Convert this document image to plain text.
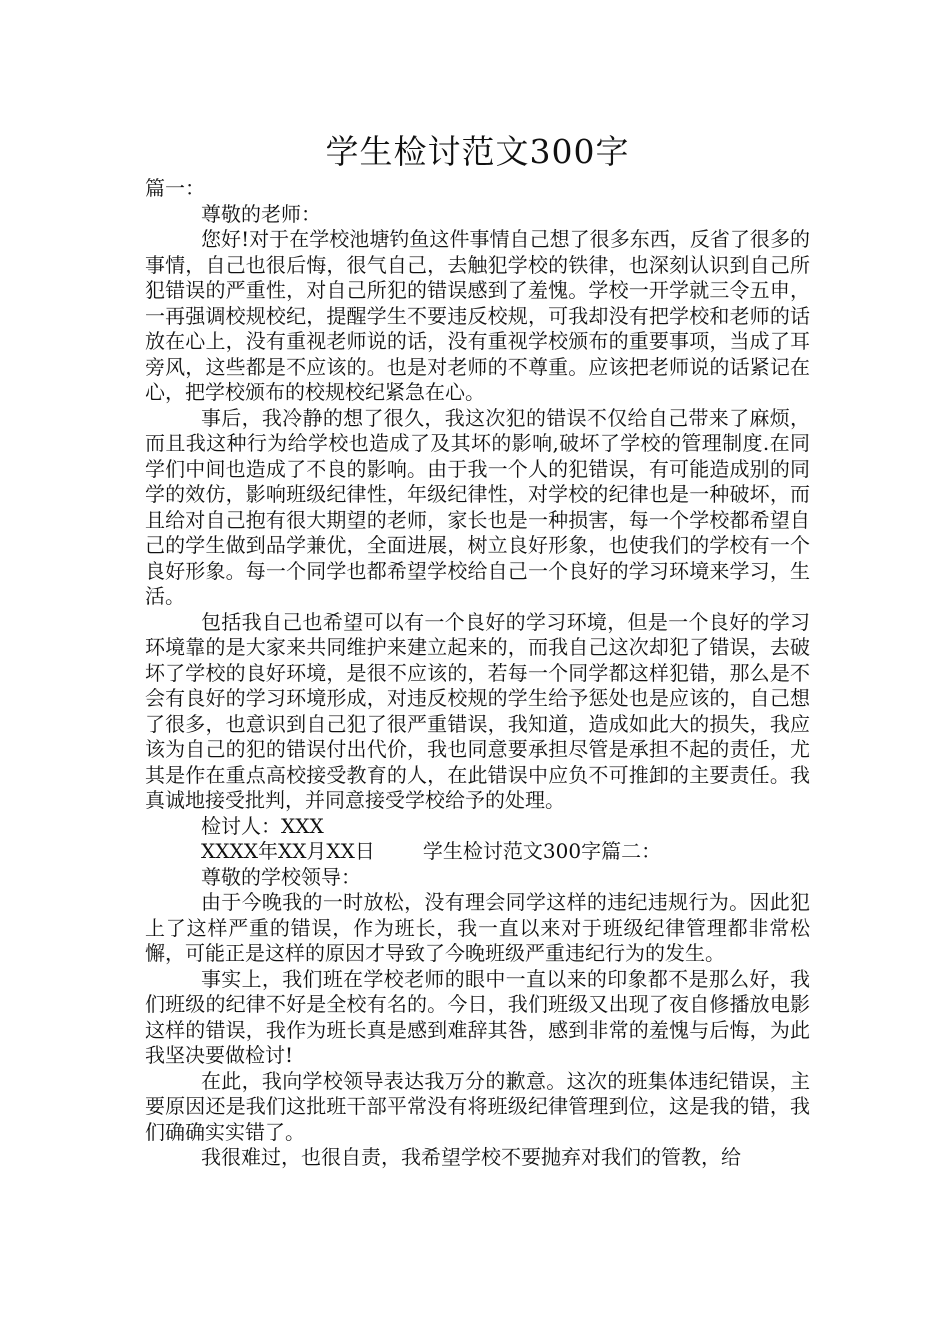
学生检讨范文300字

篇一：

尊敬的老师：

您好!对于在学校池塘钓鱼这件事情自己想了很多东西，反省了很多的事情，自己也很后悔，很气自己，去触犯学校的铁律，也深刻认识到自己所犯错误的严重性，对自己所犯的错误感到了羞愧。学校一开学就三令五申，一再强调校规校纪，提醒学生不要违反校规，可我却没有把学校和老师的话放在心上，没有重视老师说的话，没有重视学校颁布的重要事项，当成了耳旁风，这些都是不应该的。也是对老师的不尊重。应该把老师说的话紧记在心，把学校颁布的校规校纪紧急在心。

事后，我冷静的想了很久，我这次犯的错误不仅给自己带来了麻烦，而且我这种行为给学校也造成了及其坏的影响,破坏了学校的管理制度.在同学们中间也造成了不良的影响。由于我一个人的犯错误，有可能造成别的同学的效仿，影响班级纪律性，年级纪律性，对学校的纪律也是一种破坏，而且给对自己抱有很大期望的老师，家长也是一种损害，每一个学校都希望自己的学生做到品学兼优，全面进展，树立良好形象，也使我们的学校有一个良好形象。每一个同学也都希望学校给自己一个良好的学习环境来学习，生活。

包括我自己也希望可以有一个良好的学习环境，但是一个良好的学习环境靠的是大家来共同维护来建立起来的，而我自己这次却犯了错误，去破坏了学校的良好环境，是很不应该的，若每一个同学都这样犯错，那么是不会有良好的学习环境形成，对违反校规的学生给予惩处也是应该的，自己想了很多，也意识到自己犯了很严重错误，我知道，造成如此大的损失，我应该为自己的犯的错误付出代价，我也同意要承担尽管是承担不起的责任，尤其是作在重点高校接受教育的人，在此错误中应负不可推卸的主要责任。我真诚地接受批判，并同意接受学校给予的处理。

检讨人：XXX

XXXX年XX月XX日 学生检讨范文300字篇二：

尊敬的学校领导：

由于今晚我的一时放松，没有理会同学这样的违纪违规行为。因此犯上了这样严重的错误，作为班长，我一直以来对于班级纪律管理都非常松懈，可能正是这样的原因才导致了今晚班级严重违纪行为的发生。

事实上，我们班在学校老师的眼中一直以来的印象都不是那么好，我们班级的纪律不好是全校有名的。今日，我们班级又出现了夜自修播放电影这样的错误，我作为班长真是感到难辞其咎，感到非常的羞愧与后悔，为此我坚决要做检讨!

在此，我向学校领导表达我万分的歉意。这次的班集体违纪错误，主要原因还是我们这批班干部平常没有将班级纪律管理到位，这是我的错，我们确确实实错了。

我很难过，也很自责，我希望学校不要抛弃对我们的管教，给
